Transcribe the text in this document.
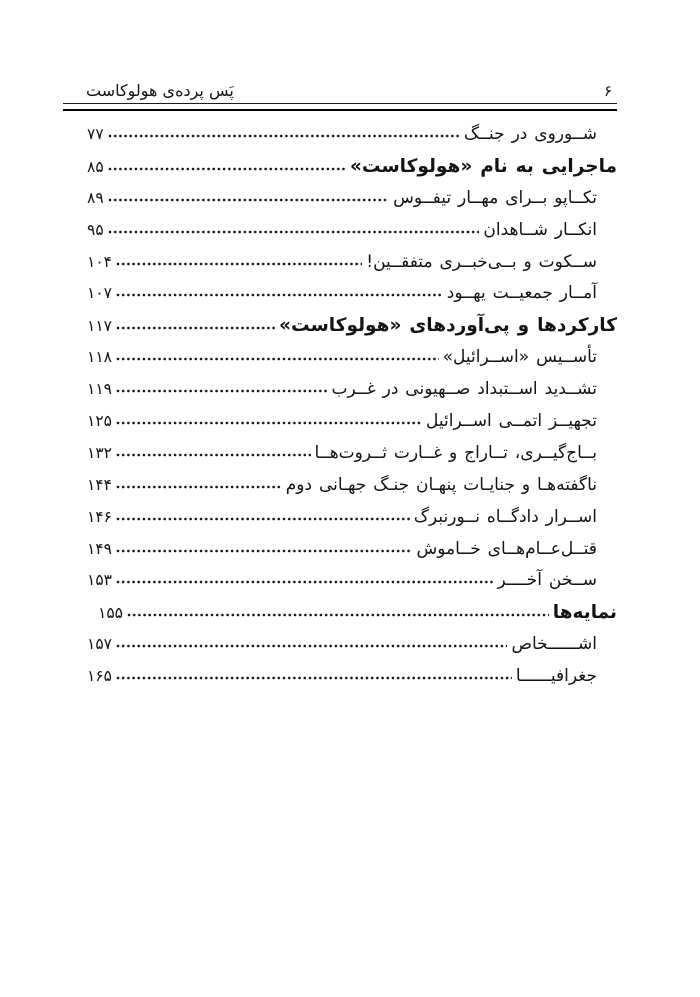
۶
پَس پرده‌ی هولوکاست
شــوروی در جنــگ
۷۷
ماجرایی به نام «هولوکاست»
۸۵
تکــاپو بــرای مهــار تیفــوس
۸۹
انکــار شــاهدان
۹۵
ســکوت و بــی‌خبــری متفقــین!
۱۰۴
آمــار جمعیــت یهــود
۱۰۷
کارکردها و پی‌آوردهای «هولوکاست»
۱۱۷
تأســیس «اســرائیل»
۱۱۸
تشــدید اســتبداد صــهیونی در غــرب
۱۱۹
تجهیــز اتمــی اســرائیل
۱۲۵
بــاج‌گیــری، تــاراج و غــارت ثــروت‌هــا
۱۳۲
ناگفته‌هـا و جنایـات پنهـان جنـگ جهـانی دوم
۱۴۴
اســرار دادگــاه نــورنبرگ
۱۴۶
قتــل‌عــام‌هــای خــاموش
۱۴۹
ســخن آخــــر
۱۵۳
نمایه‌ها
۱۵۵
اشــــــخاص
۱۵۷
جغرافیــــــا
۱۶۵
